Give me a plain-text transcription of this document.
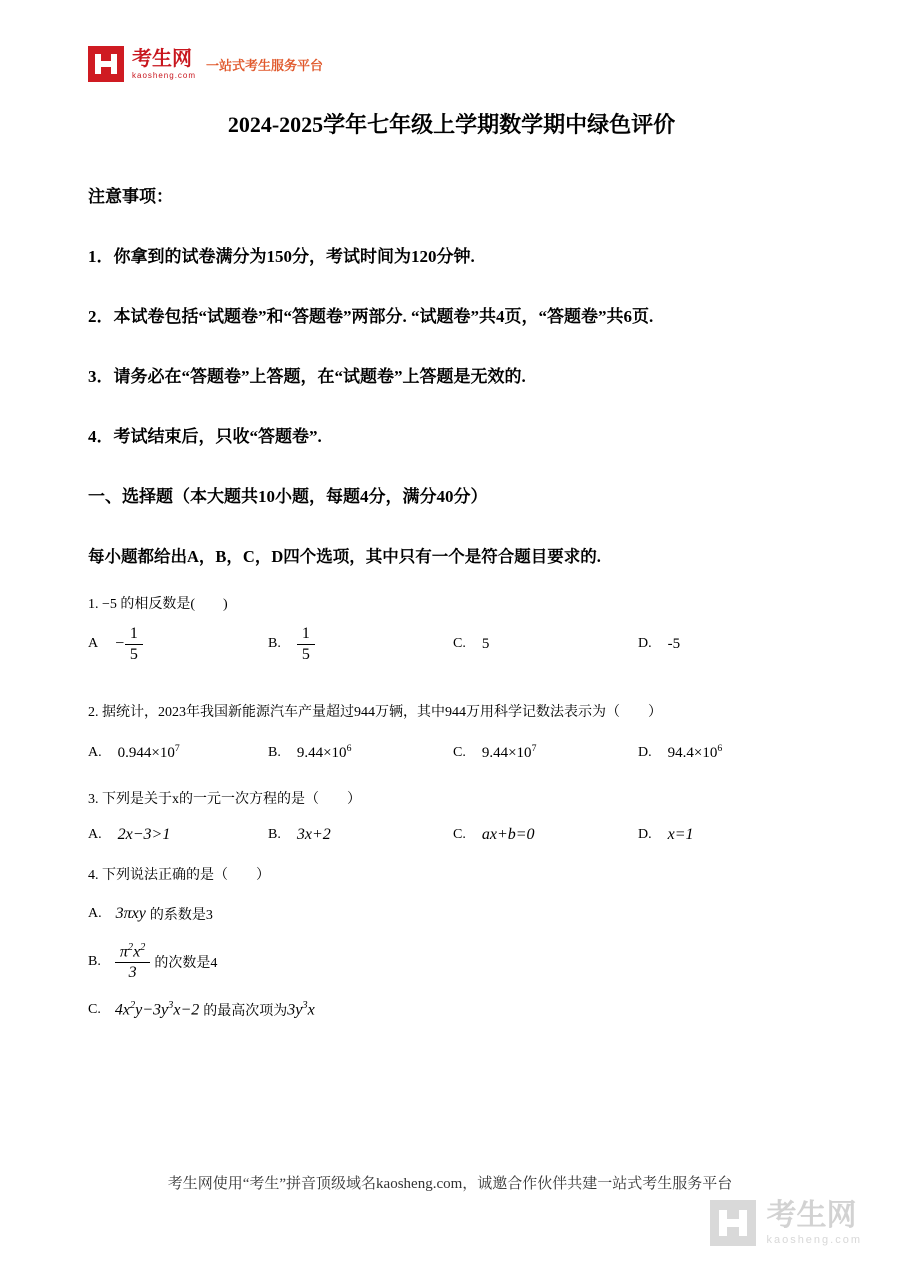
考生网
kaosheng.com
一站式考生服务平台
2024-2025学年七年级上学期数学期中绿色评价
注意事项：

1．你拿到的试卷满分为150分，考试时间为120分钟.

2．本试卷包括“试题卷”和“答题卷”两部分. “试题卷”共4页，“答题卷”共6页.

3．请务必在“答题卷”上答题，在“试题卷”上答题是无效的.

4．考试结束后，只收“答题卷”.

一、选择题（本大题共10小题，每题4分，满分40分）

每小题都给出A，B，C，D四个选项，其中只有一个是符合题目要求的.

1. −5 的相反数是(　　)

$A - \frac{1}{5}$	B. $\frac{1}{5}$	C. 5	D. -5

2. 据统计，2023年我国新能源汽车产量超过944万辆，其中944万用科学记数法表示为（　　）

A. $0.944\times 10^7$	B. $9.44\times 10^6$	C. $9.44\times 10^7$	D. $94.4\times 10^6$

3. 下列是关于x的一元一次方程的是（　　）

A. 2x−3>1	B. 3x+2	C. ax+b=0	D. x=1

4. 下列说法正确的是（　　）

A. 3πxy 的系数是3
B. $\frac{\pi^2x^2}{3}$ 的次数是4
C. $4x^2y-3y^3x-2$ 的最高次项为 $3y^3x$
考生网使用“考生”拼音顶级域名kaosheng.com，诚邀合作伙伴共建一站式考生服务平台
考生网
kaosheng.com
